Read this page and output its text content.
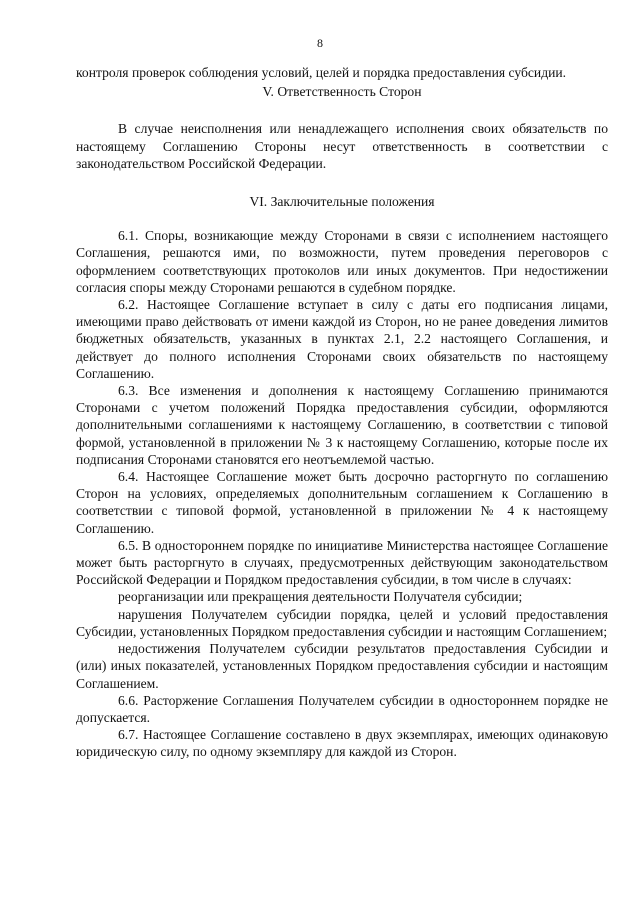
8

контроля проверок соблюдения условий, целей и порядка предоставления субсидии.

V. Ответственность Сторон

В случае неисполнения или ненадлежащего исполнения своих обязательств по настоящему Соглашению Стороны несут ответственность в соответствии с законодательством Российской Федерации.

VI. Заключительные положения

6.1. Споры, возникающие между Сторонами в связи с исполнением настоящего Соглашения, решаются ими, по возможности, путем проведения переговоров с оформлением соответствующих протоколов или иных документов. При недостижении согласия споры между Сторонами решаются в судебном порядке.

6.2. Настоящее Соглашение вступает в силу с даты его подписания лицами, имеющими право действовать от имени каждой из Сторон, но не ранее доведения лимитов бюджетных обязательств, указанных в пунктах 2.1, 2.2 настоящего Соглашения, и действует до полного исполнения Сторонами своих обязательств по настоящему Соглашению.

6.3. Все изменения и дополнения к настоящему Соглашению принимаются Сторонами с учетом положений Порядка предоставления субсидии, оформляются дополнительными соглашениями к настоящему Соглашению, в соответствии с типовой формой, установленной в приложении № 3 к настоящему Соглашению, которые после их подписания Сторонами становятся его неотъемлемой частью.

6.4. Настоящее Соглашение может быть досрочно расторгнуто по соглашению Сторон на условиях, определяемых дополнительным соглашением к Соглашению в соответствии с типовой формой, установленной в приложении № 4 к настоящему Соглашению.

6.5. В одностороннем порядке по инициативе Министерства настоящее Соглашение может быть расторгнуто в случаях, предусмотренных действующим законодательством Российской Федерации и Порядком предоставления субсидии, в том числе в случаях:

реорганизации или прекращения деятельности Получателя субсидии;

нарушения Получателем субсидии порядка, целей и условий предоставления Субсидии, установленных Порядком предоставления субсидии и настоящим Соглашением;

недостижения Получателем субсидии результатов предоставления Субсидии и (или) иных показателей, установленных Порядком предоставления субсидии и настоящим Соглашением.

6.6. Расторжение Соглашения Получателем субсидии в одностороннем порядке не допускается.

6.7. Настоящее Соглашение составлено в двух экземплярах, имеющих одинаковую юридическую силу, по одному экземпляру для каждой из Сторон.
